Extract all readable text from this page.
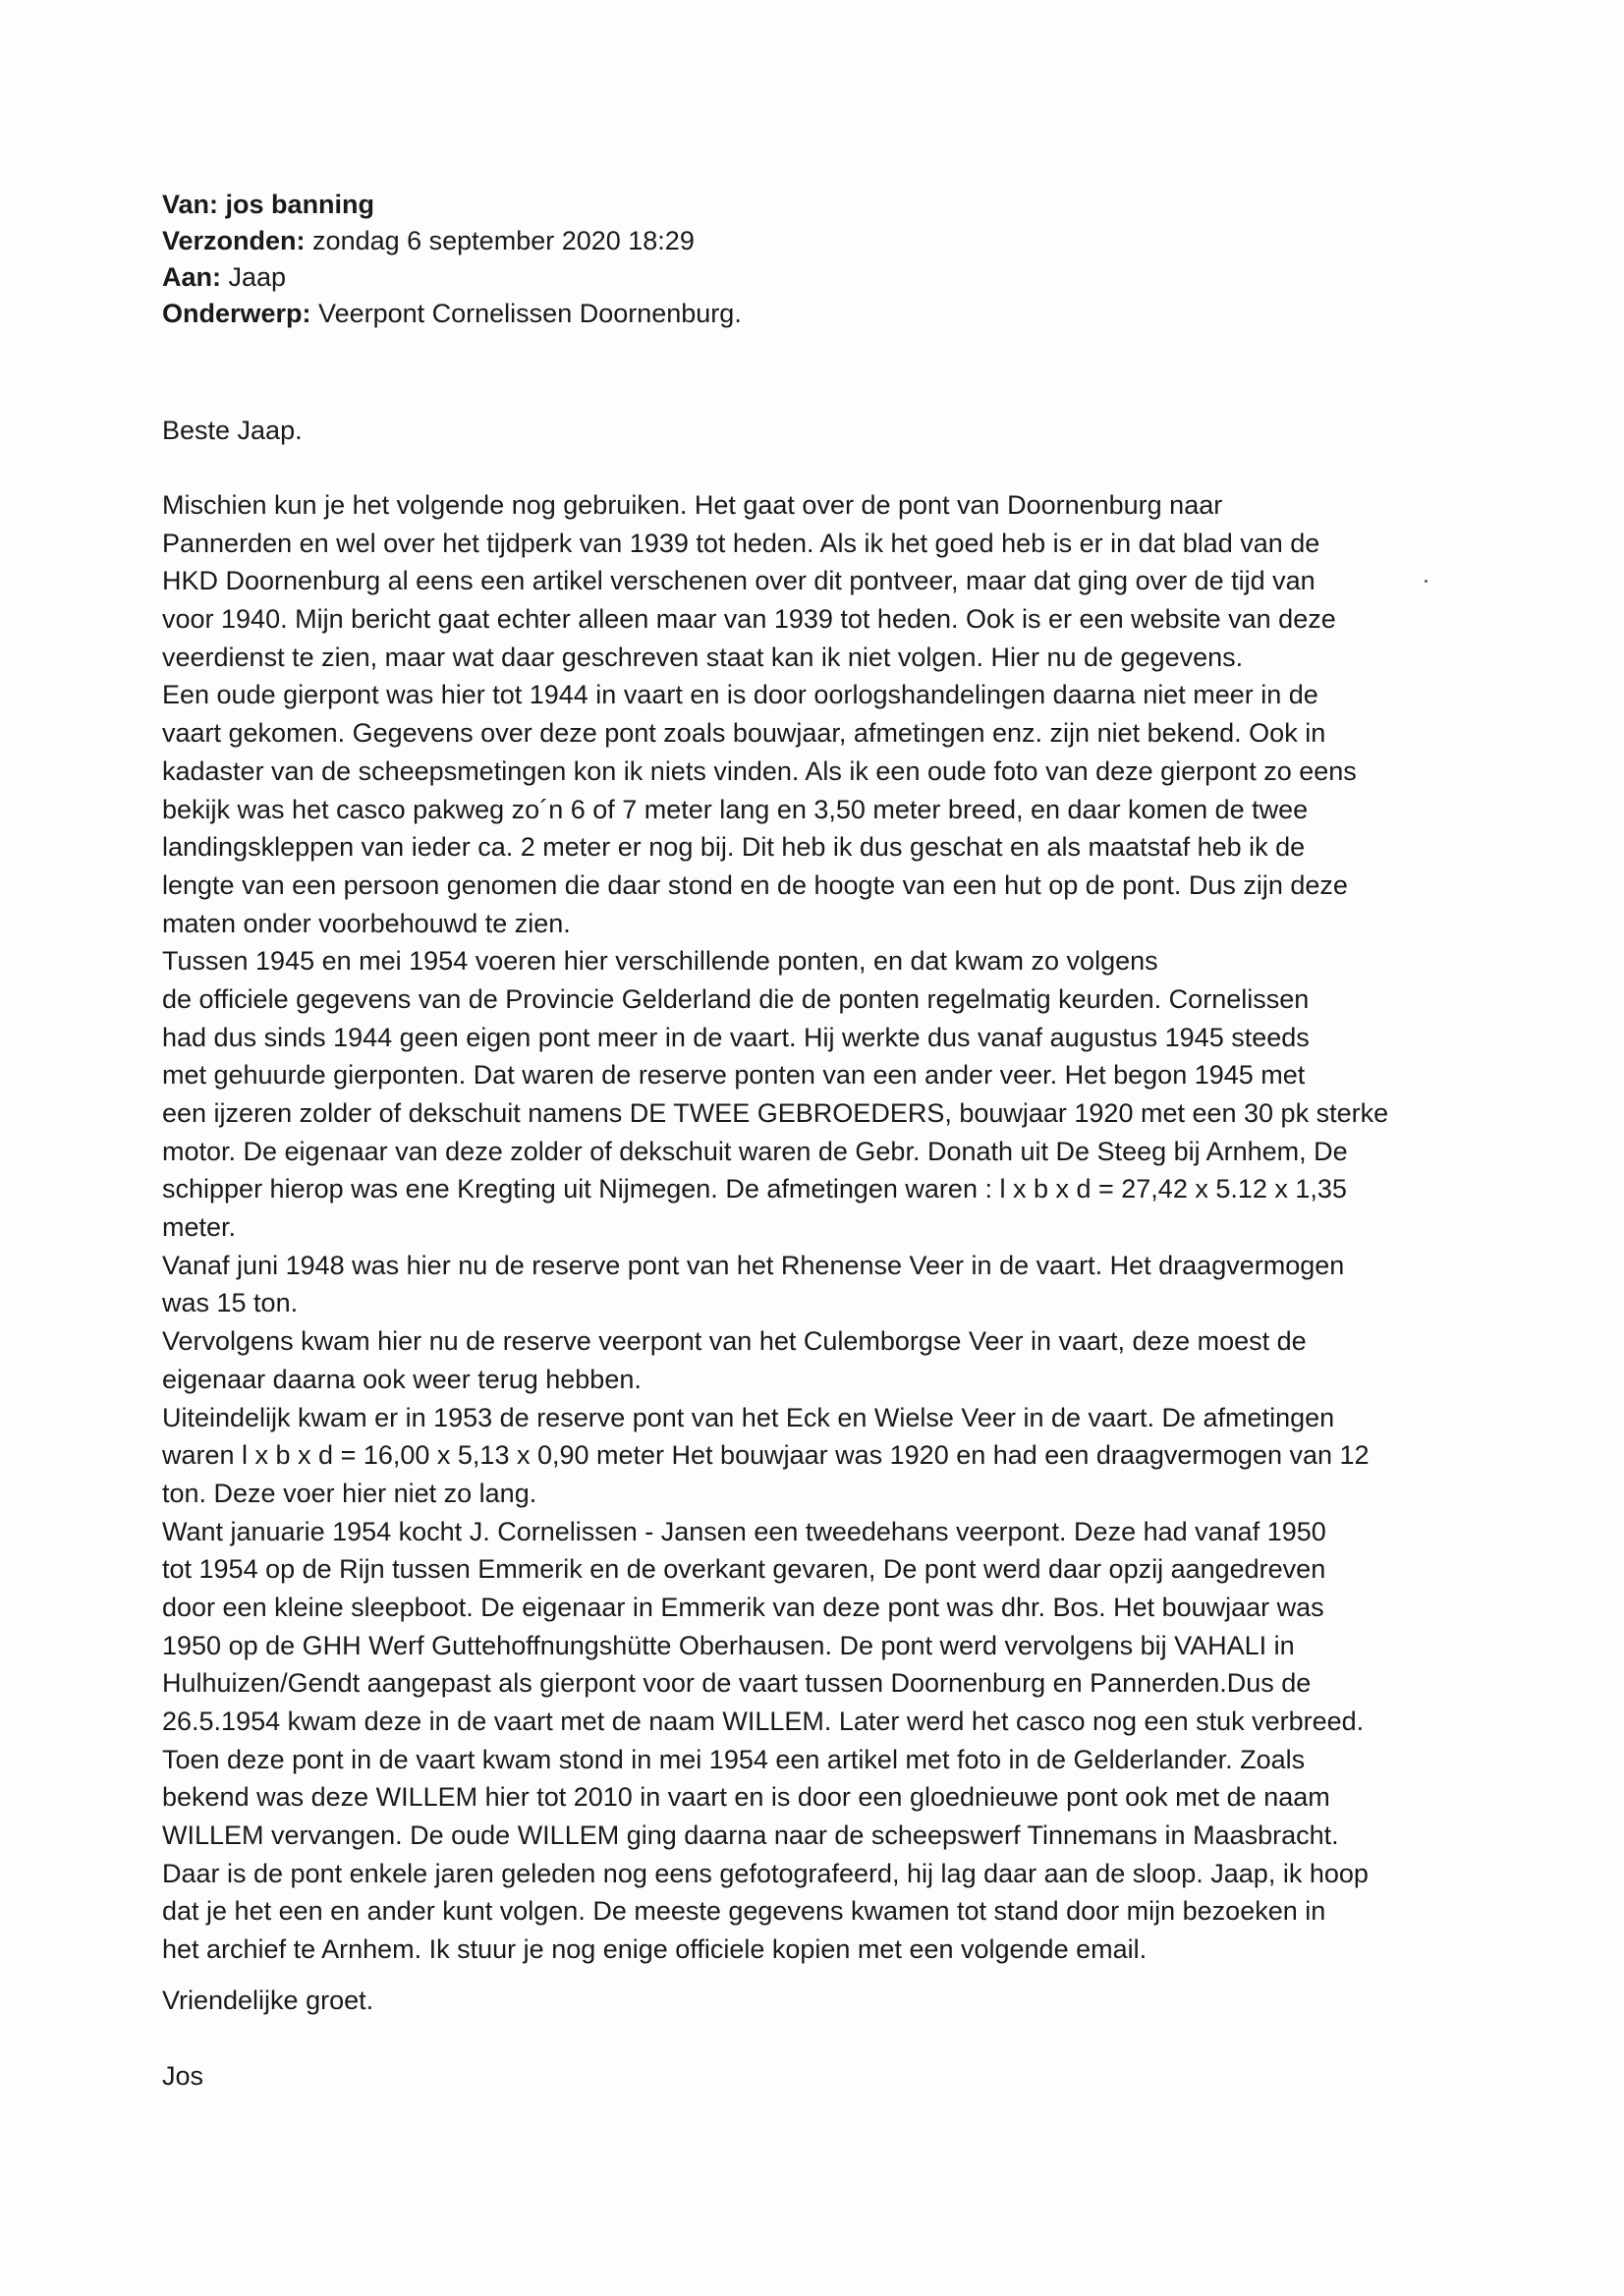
Van: jos banning
Verzonden: zondag 6 september 2020 18:29
Aan: Jaap
Onderwerp: Veerpont Cornelissen Doornenburg.
Beste Jaap.
Mischien kun je het volgende nog gebruiken. Het gaat over de pont van Doornenburg naar
Pannerden en wel over het tijdperk van 1939 tot heden. Als ik het goed heb is er in dat blad van de
HKD Doornenburg al eens een artikel verschenen over dit pontveer, maar dat ging over de tijd van
voor 1940. Mijn bericht gaat echter alleen maar van 1939 tot heden. Ook is er een website van deze
veerdienst te zien, maar wat daar geschreven staat kan ik niet volgen. Hier nu de gegevens.
Een oude gierpont was hier tot 1944 in vaart en is door oorlogshandelingen daarna niet meer in de
vaart gekomen. Gegevens over deze pont zoals bouwjaar, afmetingen enz. zijn niet bekend. Ook in
kadaster van de scheepsmetingen kon ik niets vinden. Als ik een oude foto van deze gierpont zo eens
bekijk was het casco pakweg zo´n 6 of 7 meter lang en 3,50 meter breed, en daar komen de twee
landingskleppen van ieder ca. 2 meter er nog bij. Dit heb ik dus geschat en als maatstaf heb ik de
lengte van een persoon genomen die daar stond en de hoogte van een hut op de pont. Dus zijn deze
maten onder voorbehouwd te zien.
Tussen 1945 en mei 1954 voeren hier verschillende ponten, en dat kwam zo volgens
de officiele gegevens van de Provincie Gelderland die de ponten regelmatig keurden. Cornelissen
had dus sinds 1944 geen eigen pont meer in de vaart. Hij werkte dus vanaf augustus 1945 steeds
met gehuurde gierponten. Dat waren de reserve ponten van een ander veer. Het begon 1945 met
een ijzeren zolder of dekschuit namens DE TWEE GEBROEDERS, bouwjaar 1920 met een 30 pk sterke
motor. De eigenaar van deze zolder of dekschuit waren de Gebr. Donath uit De Steeg bij Arnhem, De
schipper hierop was ene Kregting uit Nijmegen. De afmetingen waren : l x b x d = 27,42 x 5.12 x 1,35
meter.
Vanaf juni 1948 was hier nu de reserve pont van het Rhenense Veer in de vaart. Het draagvermogen
was 15 ton.
Vervolgens kwam hier nu de reserve veerpont van het Culemborgse Veer in vaart, deze moest de
eigenaar daarna ook weer terug hebben.
Uiteindelijk kwam er in 1953 de reserve pont van het Eck en Wielse Veer in de vaart. De afmetingen
waren l x b x d = 16,00 x 5,13 x 0,90 meter Het bouwjaar was 1920 en had een draagvermogen van 12
ton. Deze voer hier niet zo lang.
Want januarie 1954 kocht J. Cornelissen - Jansen een tweedehans veerpont. Deze had vanaf 1950
tot 1954 op de Rijn tussen Emmerik en de overkant gevaren, De pont werd daar opzij aangedreven
door een kleine sleepboot. De eigenaar in Emmerik van deze pont was dhr. Bos. Het bouwjaar was
1950 op de GHH Werf Guttehoffnungshütte Oberhausen. De pont werd vervolgens bij VAHALI in
Hulhuizen/Gendt aangepast als gierpont voor de vaart tussen Doornenburg en Pannerden.Dus de
26.5.1954 kwam deze in de vaart met de naam WILLEM. Later werd het casco nog een stuk verbreed.
Toen deze pont in de vaart kwam stond in mei 1954 een artikel met foto in de Gelderlander. Zoals
bekend was deze WILLEM hier tot 2010 in vaart en is door een gloednieuwe pont ook met de naam
WILLEM vervangen. De oude WILLEM ging daarna naar de scheepswerf Tinnemans in Maasbracht.
Daar is de pont enkele jaren geleden nog eens gefotografeerd, hij lag daar aan de sloop. Jaap, ik hoop
dat je het een en ander kunt volgen. De meeste gegevens kwamen tot stand door mijn bezoeken in
het archief te Arnhem. Ik stuur je nog enige officiele kopien met een volgende email.
Vriendelijke groet.
Jos
